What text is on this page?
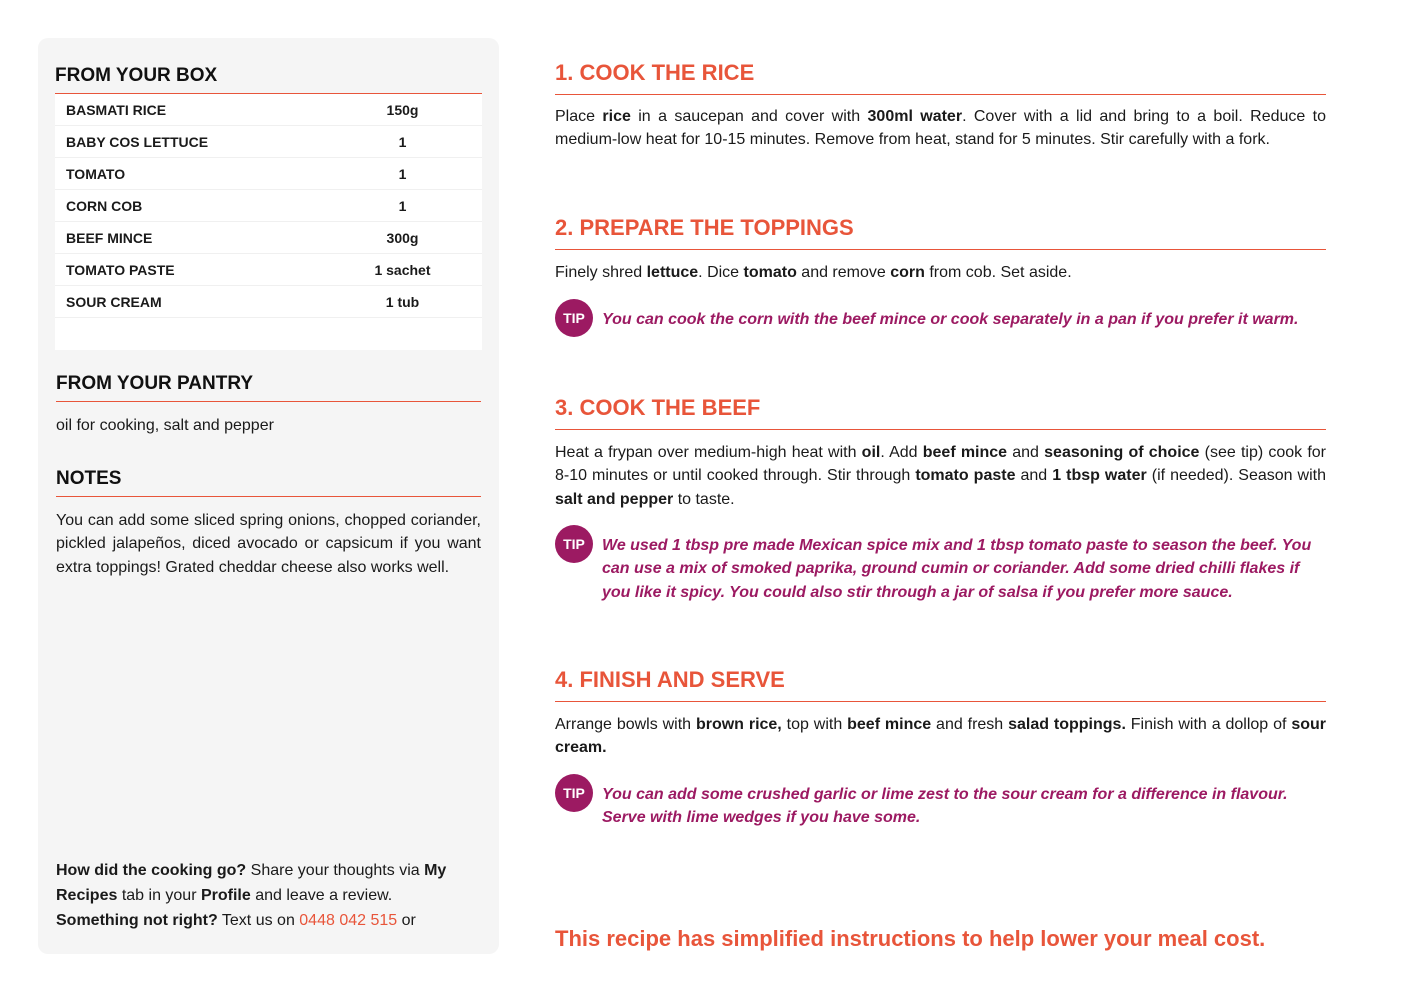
FROM YOUR BOX
BASMATI RICE	150g
BABY COS LETTUCE	1
TOMATO	1
CORN COB	1
BEEF MINCE	300g
TOMATO PASTE	1 sachet
SOUR CREAM	1 tub
FROM YOUR PANTRY
oil for cooking, salt and pepper
NOTES
You can add some sliced spring onions, chopped coriander, pickled jalapeños, diced avocado or capsicum if you want extra toppings! Grated cheddar cheese also works well.
How did the cooking go? Share your thoughts via My Recipes tab in your Profile and leave a review.
Something not right? Text us on 0448 042 515 or
1. COOK THE RICE

Place rice in a saucepan and cover with 300ml water. Cover with a lid and bring to a boil. Reduce to medium-low heat for 10-15 minutes. Remove from heat, stand for 5 minutes. Stir carefully with a fork.

2. PREPARE THE TOPPINGS

Finely shred lettuce. Dice tomato and remove corn from cob. Set aside.

TIP	You can cook the corn with the beef mince or cook separately in a pan if you prefer it warm.

3. COOK THE BEEF

Heat a frypan over medium-high heat with oil. Add beef mince and seasoning of choice (see tip) cook for 8-10 minutes or until cooked through. Stir through tomato paste and 1 tbsp water (if needed). Season with salt and pepper to taste.

TIP	We used 1 tbsp pre made Mexican spice mix and 1 tbsp tomato paste to season the beef. You can use a mix of smoked paprika, ground cumin or coriander. Add some dried chilli flakes if you like it spicy. You could also stir through a jar of salsa if you prefer more sauce.

4. FINISH AND SERVE

Arrange bowls with brown rice, top with beef mince and fresh salad toppings. Finish with a dollop of sour cream.

TIP	You can add some crushed garlic or lime zest to the sour cream for a difference in flavour. Serve with lime wedges if you have some.

This recipe has simplified instructions to help lower your meal cost.
